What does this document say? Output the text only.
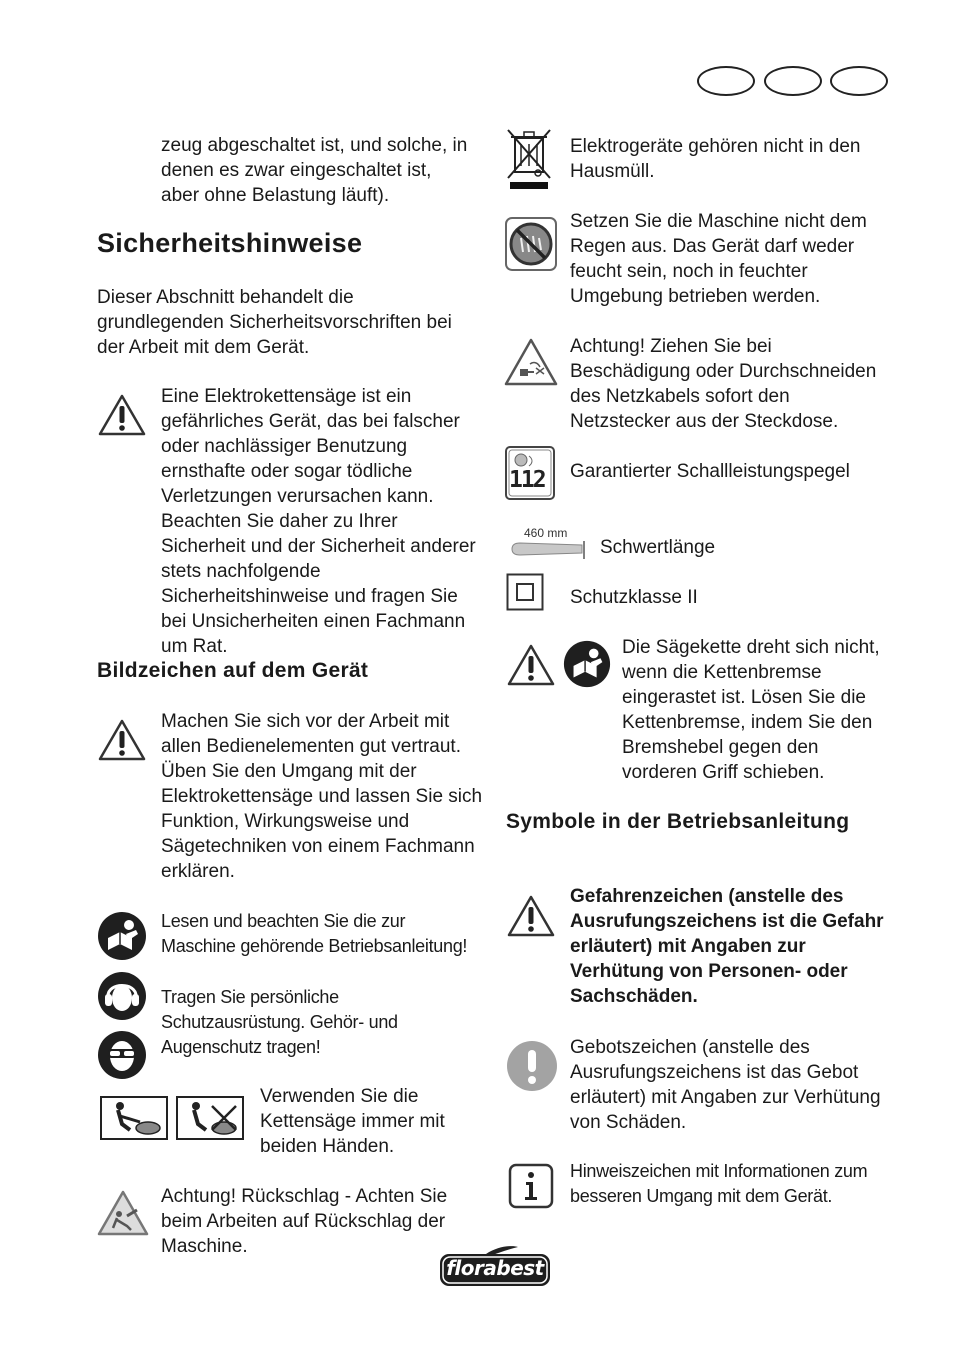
zeug abgeschaltet ist, und solche, in denen es zwar eingeschaltet ist, aber ohne Belastung läuft).

Sicherheitshinweise

Dieser Abschnitt behandelt die grundlegenden Sicherheitsvorschriften bei der Arbeit mit dem Gerät.

Eine Elektrokettensäge ist ein gefährliches Gerät, das bei falscher oder nachlässiger Benutzung ernsthafte oder sogar tödliche Verletzungen verursachen kann. Beachten Sie daher zu Ihrer Sicherheit und der Sicherheit anderer stets nachfolgende Sicherheitshinweise und fragen Sie bei Unsicherheiten einen Fachmann um Rat.

Bildzeichen auf dem Gerät

Machen Sie sich vor der Arbeit mit allen Bedienelementen gut vertraut. Üben Sie den Umgang mit der Elektrokettensäge und lassen Sie sich Funktion, Wirkungsweise und Sägetechniken von einem Fachmann erklären.

Lesen und beachten Sie die zur Maschine gehörende Betriebsanleitung!

Tragen Sie persönliche Schutzausrüstung. Gehör- und Augenschutz tragen!

Verwenden Sie die Kettensäge immer mit beiden Händen.

Achtung! Rückschlag - Achten Sie beim Arbeiten auf Rückschlag der Maschine.

Elektrogeräte gehören nicht in den Hausmüll.

Setzen Sie die Maschine nicht dem Regen aus. Das Gerät darf weder feucht sein, noch in feuchter Umgebung betrieben werden.

Achtung! Ziehen Sie bei Beschädigung oder Durchschneiden des Netzkabels sofort den Netzstecker aus der Steckdose.

112 Garantierter Schallleistungspegel

460 mm

Schwertlänge

Schutzklasse II

Die Sägekette dreht sich nicht, wenn die Kettenbremse eingerastet ist. Lösen Sie die Kettenbremse, indem Sie den Bremshebel gegen den vorderen Griff schieben.

Symbole in der Betriebsanleitung

Gefahrenzeichen (anstelle des Ausrufungszeichens ist die Gefahr erläutert) mit Angaben zur Verhütung von Personen- oder Sachschäden.

Gebotszeichen (anstelle des Ausrufungszeichens ist das Gebot erläutert) mit Angaben zur Verhütung von Schäden.

Hinweiszeichen mit Informationen zum besseren Umgang mit dem Gerät.

florabest
